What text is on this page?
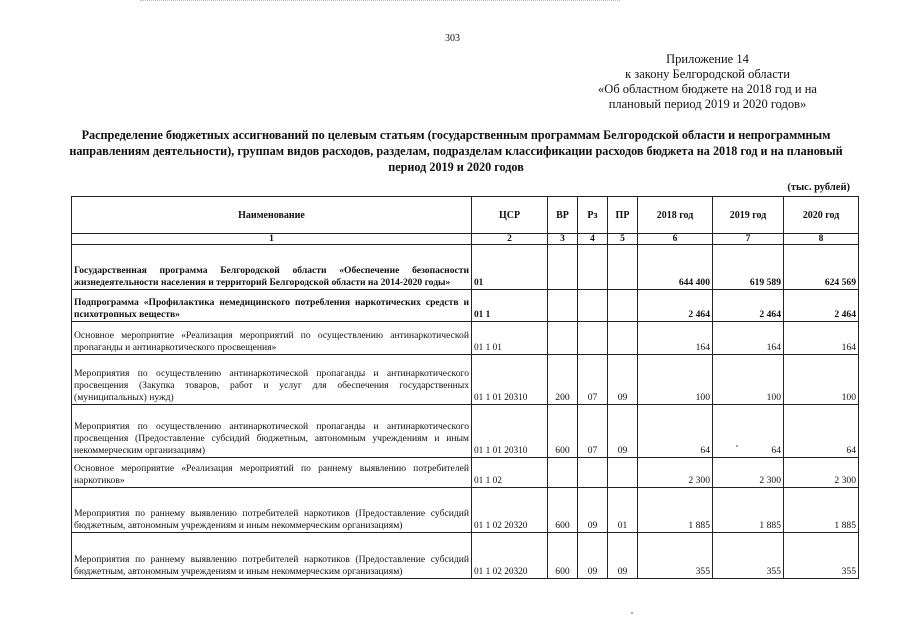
303
Приложение 14
к закону Белгородской области
«Об областном бюджете на 2018 год и на
плановый период 2019 и 2020 годов»
Распределение бюджетных ассигнований по целевым статьям (государственным программам Белгородской области и непрограммным направлениям деятельности), группам видов расходов, разделам, подразделам классификации расходов бюджета на 2018 год и на плановый период 2019 и 2020 годов
(тыс. рублей)
Наименование	ЦСР	ВР	Рз	ПР	2018 год	2019 год	2020 год
1	2	3	4	5	6	7	8
Государственная программа Белгородской области «Обеспечение безопасности жизнедеятельности населения и территорий Белгородской области на 2014-2020 годы»	01				644 400	619 589	624 569
Подпрограмма «Профилактика немедицинского потребления наркотических средств и психотропных веществ»	01 1				2 464	2 464	2 464
Основное мероприятие «Реализация мероприятий по осуществлению антинаркотической пропаганды и антинаркотического просвещения»	01 1 01				164	164	164
Мероприятия по осуществлению антинаркотической пропаганды и антинаркотического просвещения (Закупка товаров, работ и услуг для обеспечения государственных (муниципальных) нужд)	01 1 01 20310	200	07	09	100	100	100
Мероприятия по осуществлению антинаркотической пропаганды и антинаркотического просвещения (Предоставление субсидий бюджетным, автономным учреждениям и иным некоммерческим организациям)	01 1 01 20310	600	07	09	64	64	64
Основное мероприятие «Реализация мероприятий по раннему выявлению потребителей наркотиков»	01 1 02				2 300	2 300	2 300
Мероприятия по раннему выявлению потребителей наркотиков (Предоставление субсидий бюджетным, автономным учреждениям и иным некоммерческим организациям)	01 1 02 20320	600	09	01	1 885	1 885	1 885
Мероприятия по раннему выявлению потребителей наркотиков (Предоставление субсидий бюджетным, автономным учреждениям и иным некоммерческим организациям)	01 1 02 20320	600	09	09	355	355	355
